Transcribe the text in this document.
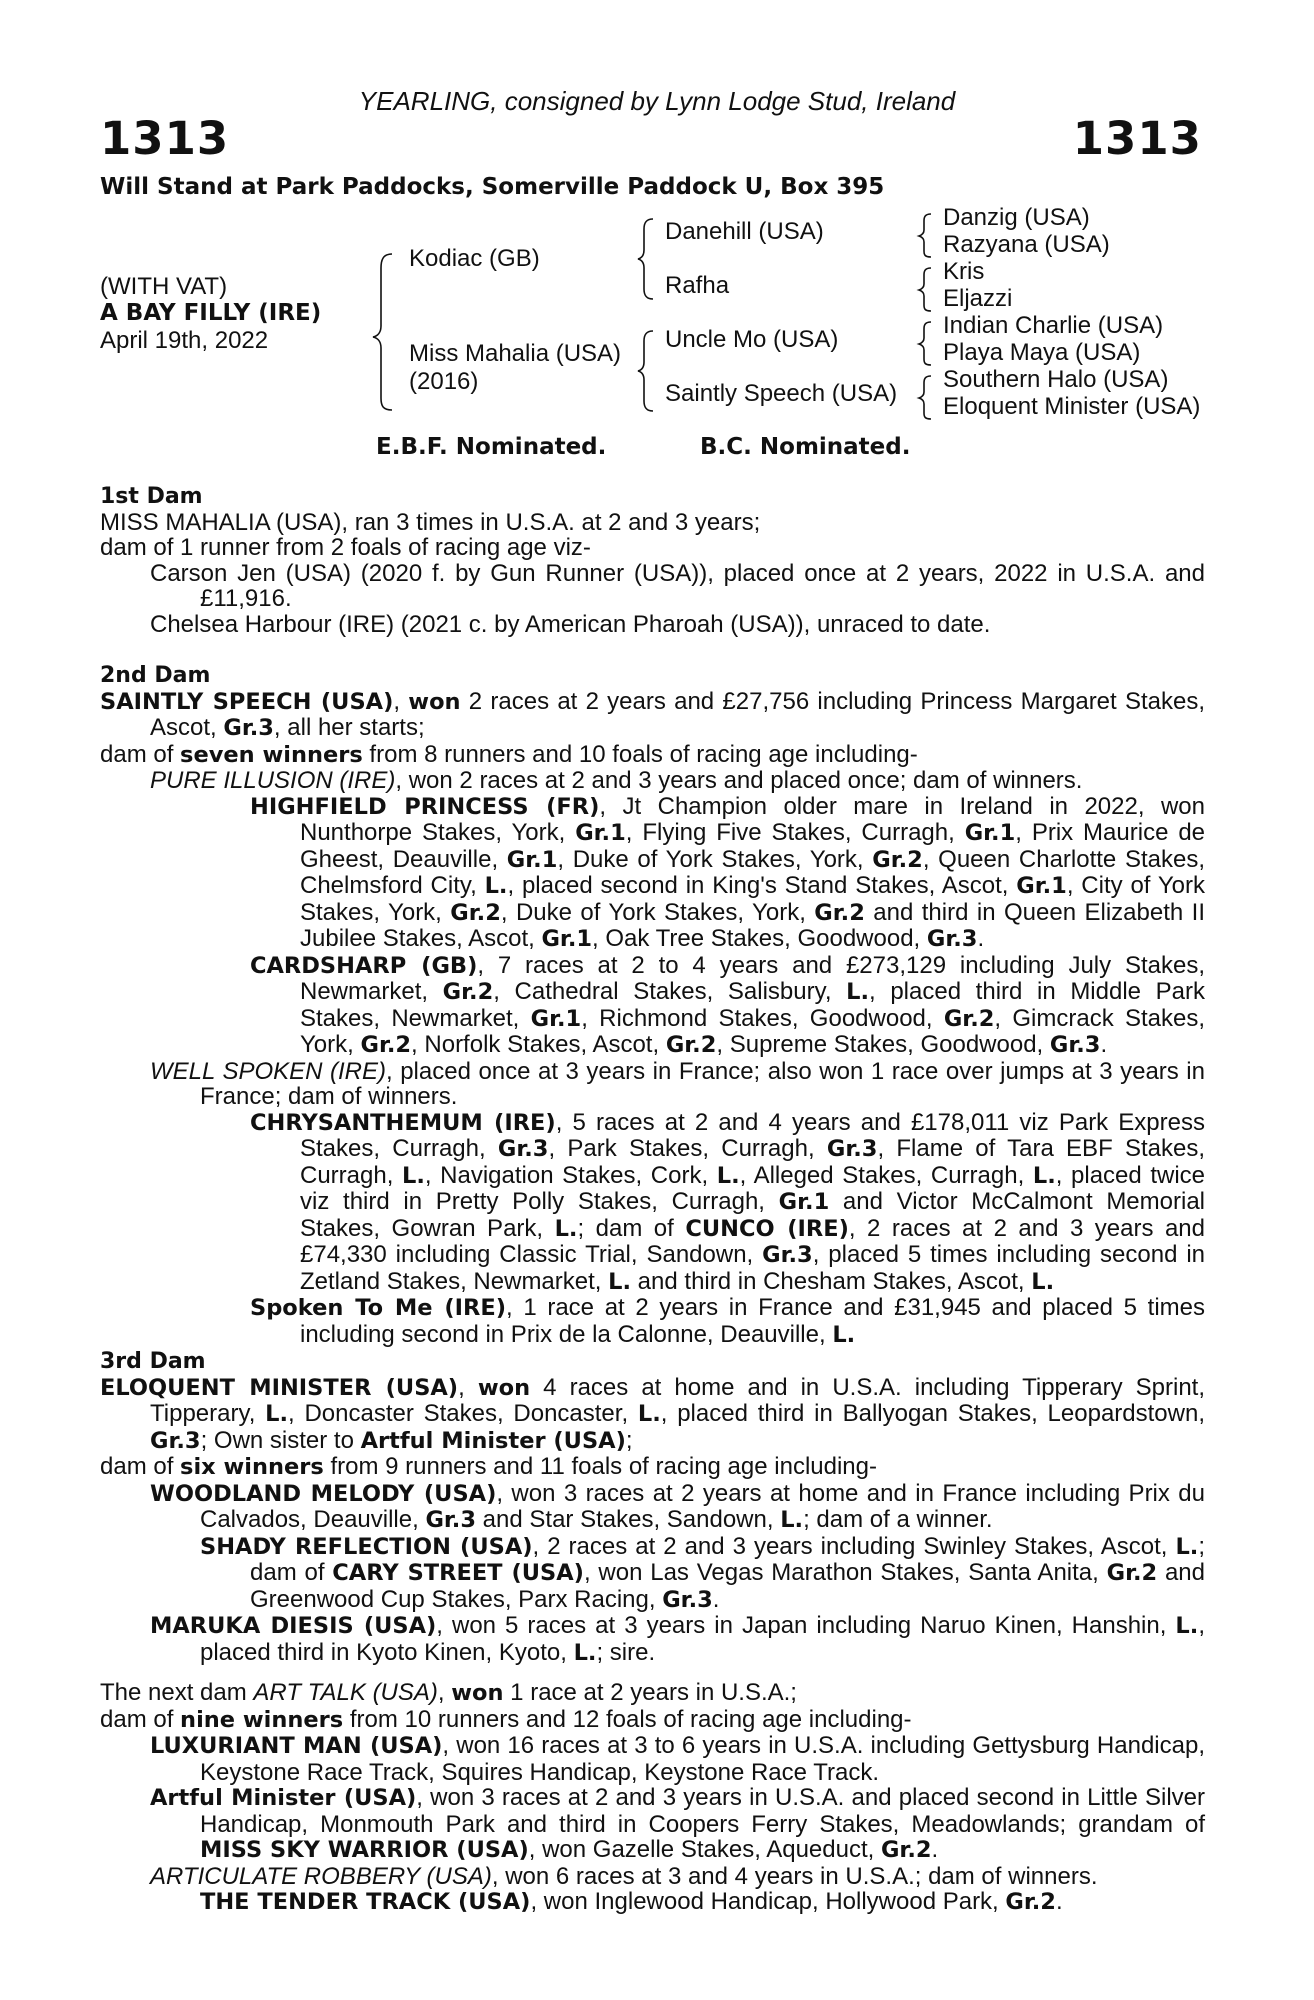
YEARLING, consigned by Lynn Lodge Stud, Ireland
1313	1313
Will Stand at Park Paddocks, Somerville Paddock U, Box 395
(WITH VAT)
A BAY FILLY (IRE)
April 19th, 2022
Kodiac (GB)
Miss Mahalia (USA)
(2016)
Danehill (USA)
Rafha
Uncle Mo (USA)
Saintly Speech (USA)
Danzig (USA)
Razyana (USA)
Kris
Eljazzi
Indian Charlie (USA)
Playa Maya (USA)
Southern Halo (USA)
Eloquent Minister (USA)
E.B.F. Nominated.	B.C. Nominated.

1st Dam

MISS MAHALIA (USA), ran 3 times in U.S.A. at 2 and 3 years;

dam of 1 runner from 2 foals of racing age viz-

Carson Jen (USA) (2020 f. by Gun Runner (USA)), placed once at 2 years, 2022 in U.S.A. and £11,916.

Chelsea Harbour (IRE) (2021 c. by American Pharoah (USA)), unraced to date.

2nd Dam

SAINTLY SPEECH (USA), won 2 races at 2 years and £27,756 including Princess Margaret Stakes, Ascot, Gr.3, all her starts;

dam of seven winners from 8 runners and 10 foals of racing age including-

PURE ILLUSION (IRE), won 2 races at 2 and 3 years and placed once; dam of winners.

HIGHFIELD PRINCESS (FR), Jt Champion older mare in Ireland in 2022, won Nunthorpe Stakes, York, Gr.1, Flying Five Stakes, Curragh, Gr.1, Prix Maurice de Gheest, Deauville, Gr.1, Duke of York Stakes, York, Gr.2, Queen Charlotte Stakes, Chelmsford City, L., placed second in King's Stand Stakes, Ascot, Gr.1, City of York Stakes, York, Gr.2, Duke of York Stakes, York, Gr.2 and third in Queen Elizabeth II Jubilee Stakes, Ascot, Gr.1, Oak Tree Stakes, Goodwood, Gr.3.

CARDSHARP (GB), 7 races at 2 to 4 years and £273,129 including July Stakes, Newmarket, Gr.2, Cathedral Stakes, Salisbury, L., placed third in Middle Park Stakes, Newmarket, Gr.1, Richmond Stakes, Goodwood, Gr.2, Gimcrack Stakes, York, Gr.2, Norfolk Stakes, Ascot, Gr.2, Supreme Stakes, Goodwood, Gr.3.

WELL SPOKEN (IRE), placed once at 3 years in France; also won 1 race over jumps at 3 years in France; dam of winners.

CHRYSANTHEMUM (IRE), 5 races at 2 and 4 years and £178,011 viz Park Express Stakes, Curragh, Gr.3, Park Stakes, Curragh, Gr.3, Flame of Tara EBF Stakes, Curragh, L., Navigation Stakes, Cork, L., Alleged Stakes, Curragh, L., placed twice viz third in Pretty Polly Stakes, Curragh, Gr.1 and Victor McCalmont Memorial Stakes, Gowran Park, L.; dam of CUNCO (IRE), 2 races at 2 and 3 years and £74,330 including Classic Trial, Sandown, Gr.3, placed 5 times including second in Zetland Stakes, Newmarket, L. and third in Chesham Stakes, Ascot, L.

Spoken To Me (IRE), 1 race at 2 years in France and £31,945 and placed 5 times including second in Prix de la Calonne, Deauville, L.

3rd Dam

ELOQUENT MINISTER (USA), won 4 races at home and in U.S.A. including Tipperary Sprint, Tipperary, L., Doncaster Stakes, Doncaster, L., placed third in Ballyogan Stakes, Leopardstown, Gr.3; Own sister to Artful Minister (USA);

dam of six winners from 9 runners and 11 foals of racing age including-

WOODLAND MELODY (USA), won 3 races at 2 years at home and in France including Prix du Calvados, Deauville, Gr.3 and Star Stakes, Sandown, L.; dam of a winner.

SHADY REFLECTION (USA), 2 races at 2 and 3 years including Swinley Stakes, Ascot, L.; dam of CARY STREET (USA), won Las Vegas Marathon Stakes, Santa Anita, Gr.2 and Greenwood Cup Stakes, Parx Racing, Gr.3.

MARUKA DIESIS (USA), won 5 races at 3 years in Japan including Naruo Kinen, Hanshin, L., placed third in Kyoto Kinen, Kyoto, L.; sire.

The next dam ART TALK (USA), won 1 race at 2 years in U.S.A.;

dam of nine winners from 10 runners and 12 foals of racing age including-

LUXURIANT MAN (USA), won 16 races at 3 to 6 years in U.S.A. including Gettysburg Handicap, Keystone Race Track, Squires Handicap, Keystone Race Track.

Artful Minister (USA), won 3 races at 2 and 3 years in U.S.A. and placed second in Little Silver Handicap, Monmouth Park and third in Coopers Ferry Stakes, Meadowlands; grandam of MISS SKY WARRIOR (USA), won Gazelle Stakes, Aqueduct, Gr.2.

ARTICULATE ROBBERY (USA), won 6 races at 3 and 4 years in U.S.A.; dam of winners.

THE TENDER TRACK (USA), won Inglewood Handicap, Hollywood Park, Gr.2.
